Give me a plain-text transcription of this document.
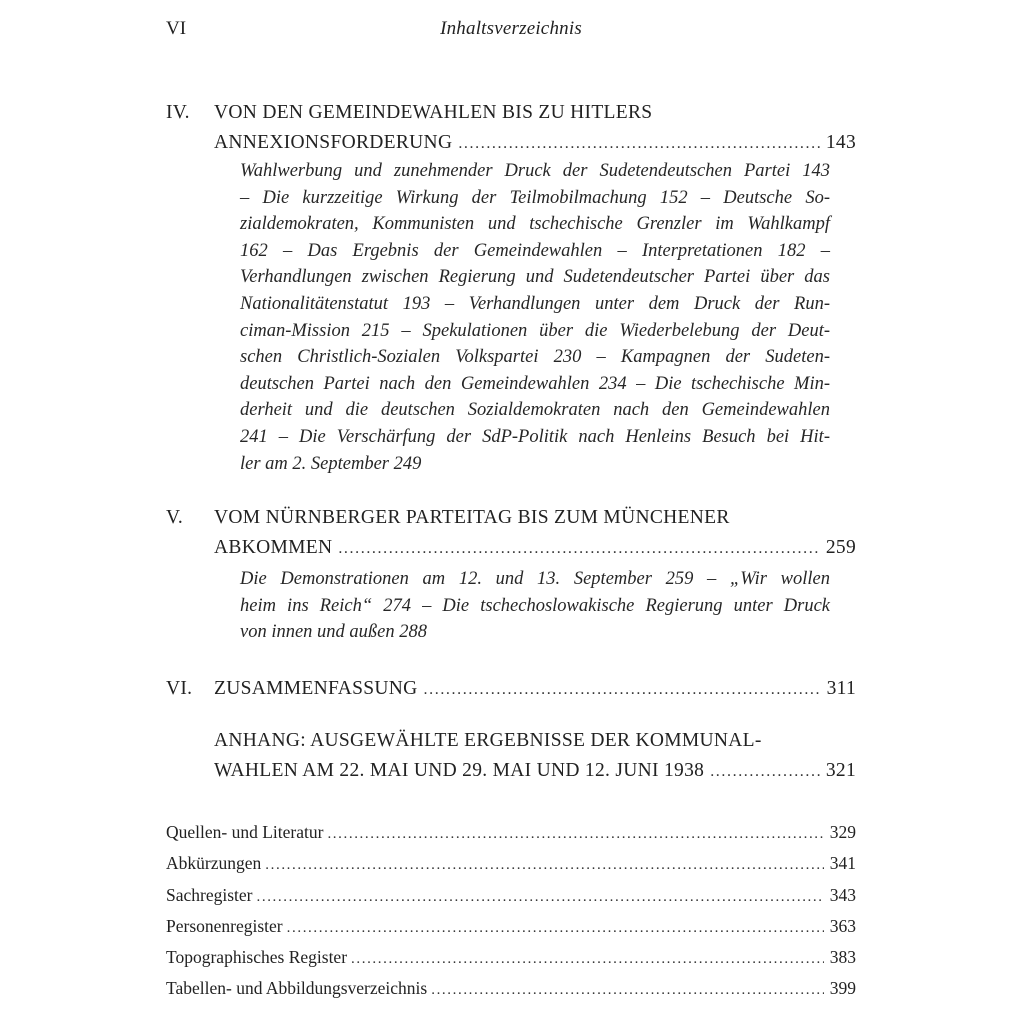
VI	Inhaltsverzeichnis
IV. VON DEN GEMEINDEWAHLEN BIS ZU HITLERS
ANNEXIONSFORDERUNG .....	143
Wahlwerbung und zunehmender Druck der Sudetendeutschen Partei 143
– Die kurzzeitige Wirkung der Teilmobilmachung 152 – Deutsche So-
zialdemokraten, Kommunisten und tschechische Grenzler im Wahlkampf
162 – Das Ergebnis der Gemeindewahlen – Interpretationen 182 –
Verhandlungen zwischen Regierung und Sudetendeutscher Partei über das
Nationalitätenstatut 193 – Verhandlungen unter dem Druck der Run-
ciman-Mission 215 – Spekulationen über die Wiederbelebung der Deut-
schen Christlich-Sozialen Volkspartei 230 – Kampagnen der Sudeten-
deutschen Partei nach den Gemeindewahlen 234 – Die tschechische Min-
derheit und die deutschen Sozialdemokraten nach den Gemeindewahlen
241 – Die Verschärfung der SdP-Politik nach Henleins Besuch bei Hit-
ler am 2. September 249
V. VOM NÜRNBERGER PARTEITAG BIS ZUM MÜNCHENER
ABKOMMEN .....	259
Die Demonstrationen am 12. und 13. September 259 – „Wir wollen
heim ins Reich“ 274 – Die tschechoslowakische Regierung unter Druck
von innen und außen 288
VI. ZUSAMMENFASSUNG .....	311
ANHANG: AUSGEWÄHLTE ERGEBNISSE DER KOMMUNAL-
WAHLEN AM 22. MAI UND 29. MAI UND 12. JUNI 1938 .....	321
Quellen- und Literatur .....	329
Abkürzungen .....	341
Sachregister .....	343
Personenregister .....	363
Topographisches Register .....	383
Tabellen- und Abbildungsverzeichnis .....	399
